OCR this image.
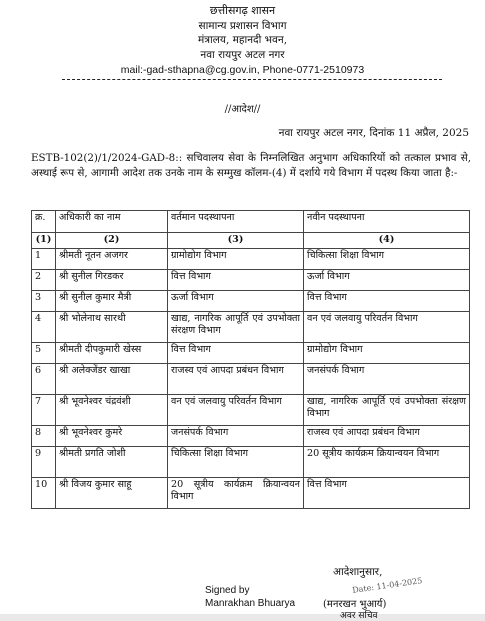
छत्तीसगढ़ शासन
सामान्य प्रशासन विभाग
मंत्रालय, महानदी भवन,
नवा रायपुर अटल नगर
mail:-gad-sthapna@cg.gov.in, Phone-0771-2510973
//आदेश//
नवा रायपुर अटल नगर, दिनांक 11 अप्रैल, 2025
ESTB-102(2)/1/2024-GAD-8:: सचिवालय सेवा के निम्नलिखित अनुभाग अधिकारियों को तत्काल प्रभाव से, अस्थाई रूप से, आगामी आदेश तक उनके नाम के सम्मुख कॉलम-(4) में दर्शाये गये विभाग में पदस्थ किया जाता है:-
क्र.	अधिकारी का नाम	वर्तमान पदस्थापना	नवीन पदस्थापना
(1)	(2)	(3)	(4)
1	श्रीमती नूतन अजगर	ग्रामोद्योग विभाग	चिकित्सा शिक्षा विभाग
2	श्री सुनील गिरडकर	वित्त विभाग	ऊर्जा विभाग
3	श्री सुनील कुमार मैत्री	ऊर्जा विभाग	वित्त विभाग
4	श्री भोलेनाथ सारथी	खाद्य, नागरिक आपूर्ति एवं उपभोक्ता संरक्षण विभाग	वन एवं जलवायु परिवर्तन विभाग
5	श्रीमती दीपकुमारी खेस्स	वित्त विभाग	ग्रामोद्योग विभाग
6	श्री अलेक्जेंडर खाखा	राजस्व एवं आपदा प्रबंधन विभाग	जनसंपर्क विभाग
7	श्री भूवनेश्वर चंद्रवंशी	वन एवं जलवायु परिवर्तन विभाग	खाद्य, नागरिक आपूर्ति एवं उपभोक्ता संरक्षण विभाग
8	श्री भूवनेश्वर कुमरे	जनसंपर्क विभाग	राजस्व एवं आपदा प्रबंधन विभाग
9	श्रीमती प्रगति जोशी	चिकित्सा शिक्षा विभाग	20 सूत्रीय कार्यक्रम क्रियान्वयन विभाग
10	श्री विजय कुमार साहू	20 सूत्रीय कार्यक्रम क्रियान्वयन विभाग	वित्त विभाग
आदेशानुसार,
Signed by
Manrakhan Bhuarya
Date: 11-04-2025
(मनरखन भुआर्य)
अवर सचिव
